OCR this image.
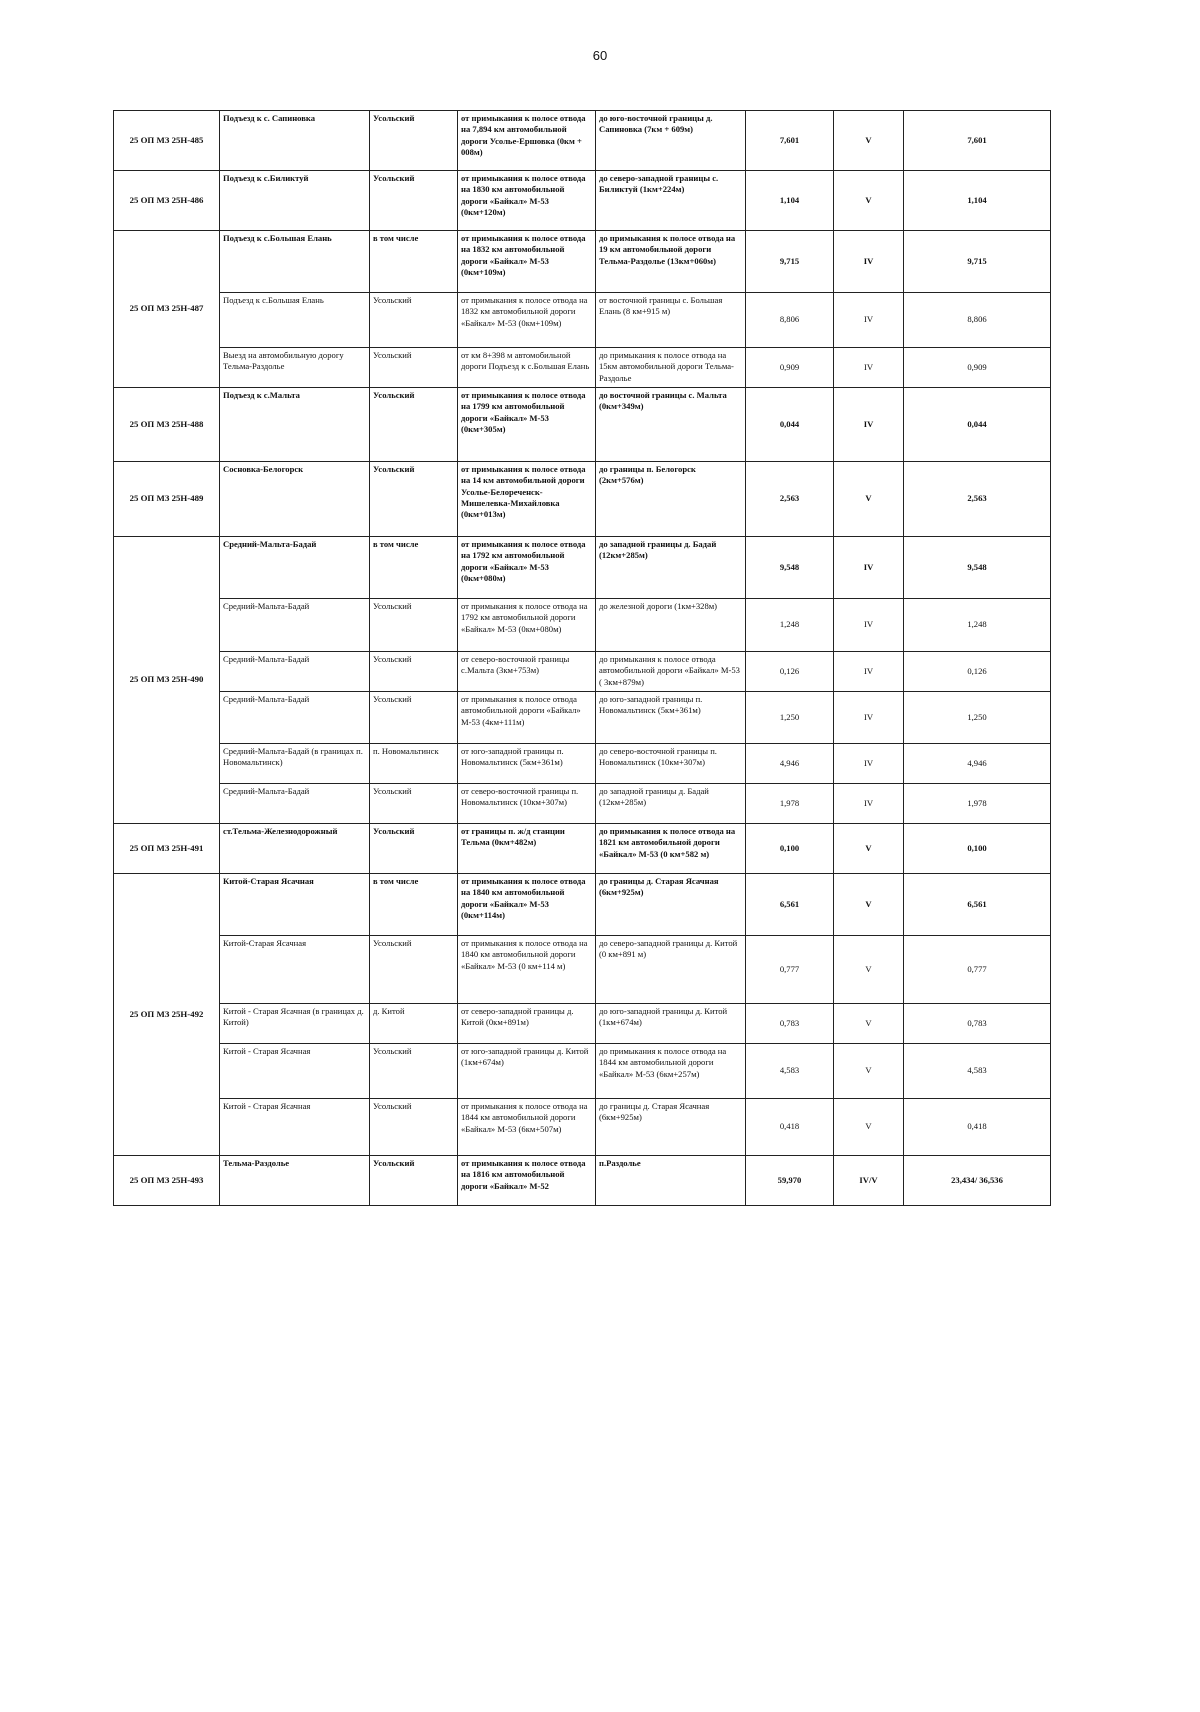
60
25 ОП МЗ 25Н-485	Подъезд к с. Сапиновка	Усольский	от примыкания к полосе отвода на 7,894 км автомобильной дороги Усолье-Ершовка (0км + 008м)	до юго-восточной границы д. Сапиновка (7км + 609м)	7,601	V	7,601
25 ОП МЗ 25Н-486	Подъезд к с.Биликтуй	Усольский	от примыкания к полосе отвода на 1830 км автомобильной дороги «Байкал» М-53 (0км+120м)	до северо-западной границы с. Биликтуй (1км+224м)	1,104	V	1,104
25 ОП МЗ 25Н-487	Подъезд к с.Большая Елань	в том числе	от примыкания к полосе отвода на 1832 км автомобильной дороги «Байкал» М-53 (0км+109м)	до примыкания к полосе отвода на 19 км автомобильной дороги Тельма-Раздолье (13км+060м)	9,715	IV	9,715
	Подъезд к с.Большая Елань	Усольский	от примыкания к полосе отвода на 1832 км автомобильной дороги «Байкал» М-53 (0км+109м)	от восточной границы с. Большая Елань (8 км+915 м)	8,806	IV	8,806
	Выезд на автомобильную дорогу Тельма-Раздолье	Усольский	от км 8+398 м автомобильной дороги Подъезд к с.Большая Елань	до примыкания к полосе отвода на 15км автомобильной дороги Тельма-Раздолье	0,909	IV	0,909
25 ОП МЗ 25Н-488	Подъезд к с.Мальта	Усольский	от примыкания к полосе отвода на 1799 км автомобильной дороги «Байкал» М-53 (0км+305м)	до восточной границы с. Мальта (0км+349м)	0,044	IV	0,044
25 ОП МЗ 25Н-489	Сосновка-Белогорск	Усольский	от примыкания к полосе отвода на 14 км автомобильной дороги Усолье-Белореченск-Мишелевка-Михайловка (0км+013м)	до границы п. Белогорск (2км+576м)	2,563	V	2,563
25 ОП МЗ 25Н-490	Средний-Мальта-Бадай	в том числе	от примыкания к полосе отвода на 1792 км автомобильной дороги «Байкал» М-53 (0км+080м)	до западной границы д. Бадай (12км+285м)	9,548	IV	9,548
	Средний-Мальта-Бадай	Усольский	от примыкания к полосе отвода на 1792 км автомобильной дороги «Байкал» М-53 (0км+080м)	до железной дороги (1км+328м)	1,248	IV	1,248
	Средний-Мальта-Бадай	Усольский	от северо-восточной границы с.Мальта (3км+753м)	до примыкания к полосе отвода автомобильной дороги «Байкал» М-53 ( 3км+879м)	0,126	IV	0,126
	Средний-Мальта-Бадай	Усольский	от примыкания к полосе отвода автомобильной дороги «Байкал» М-53 (4км+111м)	до юго-западной границы п. Новомальтинск (5км+361м)	1,250	IV	1,250
	Средний-Мальта-Бадай (в границах п. Новомальтинск)	п. Новомальтинск	от юго-западной границы п. Новомальтинск (5км+361м)	до северо-восточной границы п. Новомальтинск (10км+307м)	4,946	IV	4,946
	Средний-Мальта-Бадай	Усольский	от северо-восточной границы п. Новомальтинск (10км+307м)	до западной границы д. Бадай (12км+285м)	1,978	IV	1,978
25 ОП МЗ 25Н-491	ст.Тельма-Железнодорожный	Усольский	от границы п. ж/д станции Тельма (0км+482м)	до примыкания к полосе отвода на 1821 км автомобильной дороги «Байкал» М-53 (0 км+582 м)	0,100	V	0,100
25 ОП МЗ 25Н-492	Китой-Старая Ясачная	в том числе	от примыкания к полосе отвода на 1840 км автомобильной дороги «Байкал» М-53 (0км+114м)	до границы д. Старая Ясачная (6км+925м)	6,561	V	6,561
	Китой-Старая Ясачная	Усольский	от примыкания к полосе отвода на 1840 км автомобильной дороги «Байкал» М-53 (0 км+114 м)	до северо-западной границы д. Китой (0 км+891 м)	0,777	V	0,777
	Китой - Старая Ясачная (в границах д. Китой)	д. Китой	от северо-западной границы д. Китой (0км+891м)	до юго-западной границы д. Китой (1км+674м)	0,783	V	0,783
	Китой - Старая Ясачная	Усольский	от юго-западной границы д. Китой (1км+674м)	до примыкания к полосе отвода на 1844 км автомобильной дороги «Байкал» М-53 (6км+257м)	4,583	V	4,583
	Китой - Старая Ясачная	Усольский	от примыкания к полосе отвода на 1844 км автомобильной дороги «Байкал» М-53 (6км+507м)	до границы д. Старая Ясачная (6км+925м)	0,418	V	0,418
25 ОП МЗ 25Н-493	Тельма-Раздолье	Усольский	от примыкания к полосе отвода на 1816 км автомобильной дороги «Байкал» М-52	п.Раздолье	59,970	IV/V	23,434/ 36,536
